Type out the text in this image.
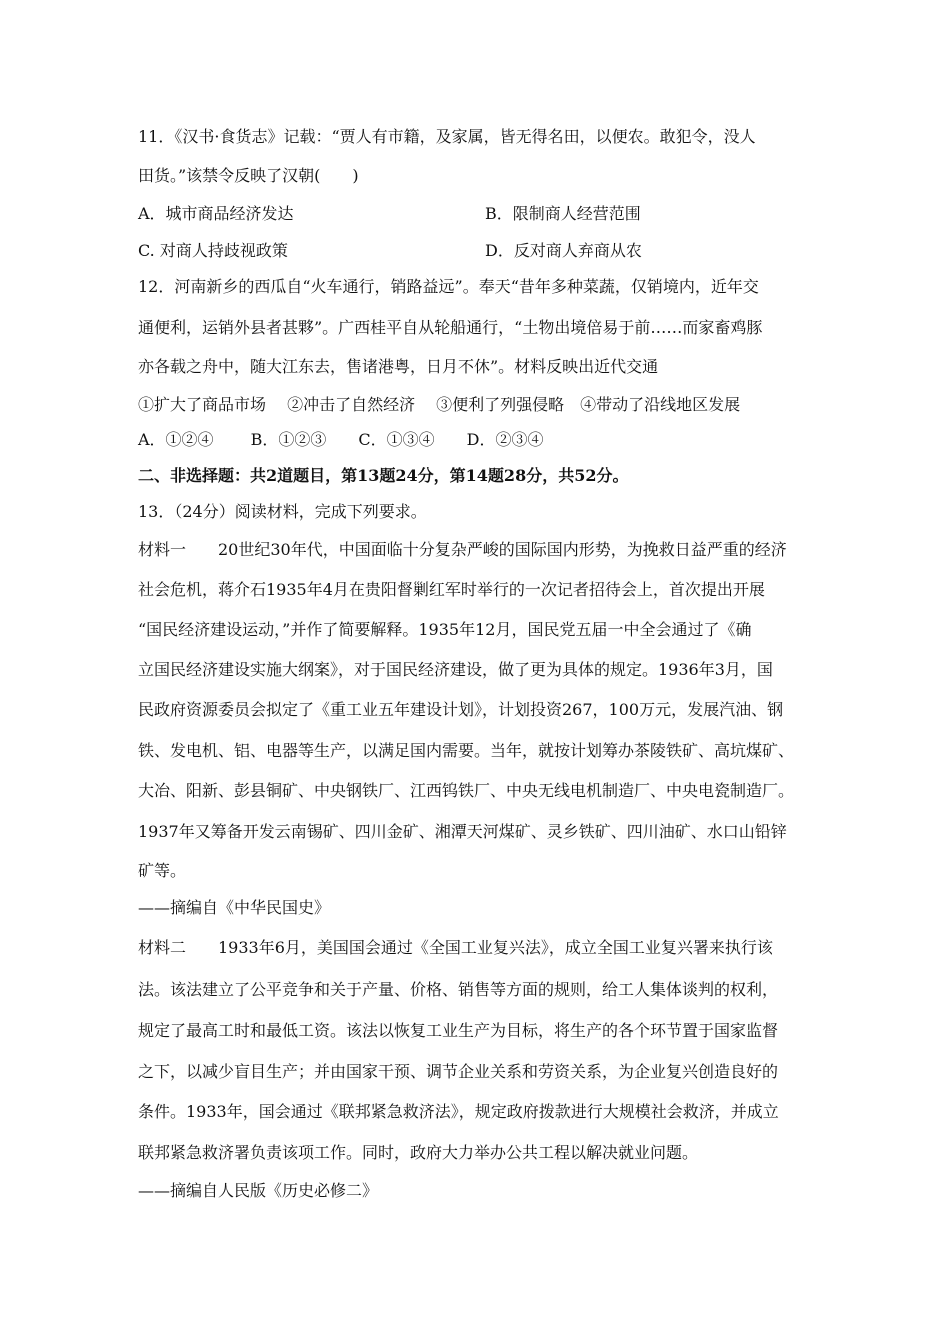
11．《汉书·食货志》记载：“贾人有市籍，及家属，皆无得名田，以便农。敢犯令，没人
田货。”该禁令反映了汉朝(　　)
A．城市商品经济发达	B．限制商人经营范围
C. 对商人持歧视政策	D．反对商人弃商从农
12．河南新乡的西瓜自“火车通行，销路益远”。奉天“昔年多种菜蔬，仅销境内，近年交
通便利，运销外县者甚夥”。广西桂平自从轮船通行，“土物出境倍易于前……而家畜鸡豚
亦各载之舟中，随大江东去，售诸港粤，日月不休”。材料反映出近代交通
①扩大了商品市场　 ②冲击了自然经济　 ③便利了列强侵略　④带动了沿线地区发展
A．①②④　　 B．①②③　　C．①③④　　D．②③④
二、非选择题：共2道题目，第13题24分，第14题28分，共52分。
13．（24分）阅读材料，完成下列要求。
材料一　　20世纪30年代，中国面临十分复杂严峻的国际国内形势，为挽救日益严重的经济
社会危机，蒋介石1935年4月在贵阳督剿红军时举行的一次记者招待会上，首次提出开展
“国民经济建设运动，”并作了简要解释。1935年12月，国民党五届一中全会通过了《确
立国民经济建设实施大纲案》，对于国民经济建设，做了更为具体的规定。1936年3月，国
民政府资源委员会拟定了《重工业五年建设计划》，计划投资267，100万元，发展汽油、钢
铁、发电机、铝、电器等生产，以满足国内需要。当年，就按计划筹办茶陵铁矿、高坑煤矿、
大冶、阳新、彭县铜矿、中央钢铁厂、江西钨铁厂、中央无线电机制造厂、中央电瓷制造厂。
1937年又筹备开发云南锡矿、四川金矿、湘潭天河煤矿、灵乡铁矿、四川油矿、水口山铅锌
矿等。
——摘编自《中华民国史》
材料二　　1933年6月，美国国会通过《全国工业复兴法》，成立全国工业复兴署来执行该
法。该法建立了公平竞争和关于产量、价格、销售等方面的规则，给工人集体谈判的权利，
规定了最高工时和最低工资。该法以恢复工业生产为目标，将生产的各个环节置于国家监督
之下，以减少盲目生产；并由国家干预、调节企业关系和劳资关系，为企业复兴创造良好的
条件。1933年，国会通过《联邦紧急救济法》，规定政府拨款进行大规模社会救济，并成立
联邦紧急救济署负责该项工作。同时，政府大力举办公共工程以解决就业问题。
——摘编自人民版《历史必修二》
